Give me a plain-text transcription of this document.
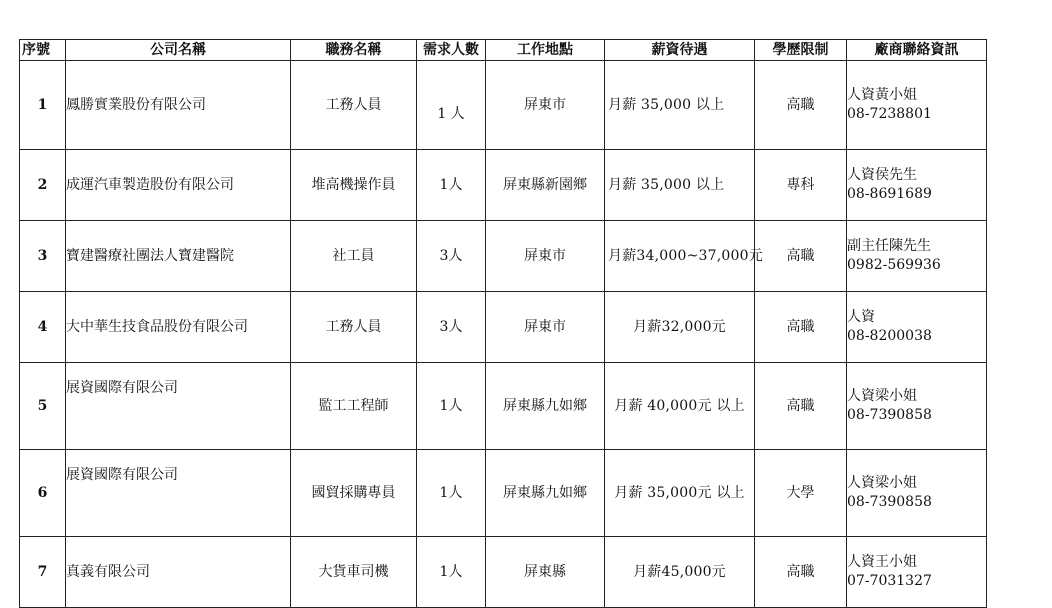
序號	公司名稱	職務名稱	需求人數	工作地點	薪資待遇	學歷限制	廠商聯絡資訊
1	鳳勝實業股份有限公司	工務人員	1 人	屏東市	月薪 35,000 以上	高職	人資黃小姐
08-7238801

2	成運汽車製造股份有限公司	堆高機操作員	1人	屏東縣新園鄉	月薪 35,000 以上	專科	人資侯先生
08-8691689

3	寶建醫療社團法人寶建醫院	社工員	3人	屏東市	月薪34,000~37,000元	高職	副主任陳先生
0982-569936

4	大中華生技食品股份有限公司	工務人員	3人	屏東市	月薪32,000元	高職	人資
08-8200038

5	展資國際有限公司	監工工程師	1人	屏東縣九如鄉	月薪 40,000元 以上	高職	人資梁小姐
08-7390858

6	展資國際有限公司	國貿採購專員	1人	屏東縣九如鄉	月薪 35,000元 以上	大學	人資梁小姐
08-7390858

7	真義有限公司	大貨車司機	1人	屏東縣	月薪45,000元	高職	人資王小姐
07-7031327
